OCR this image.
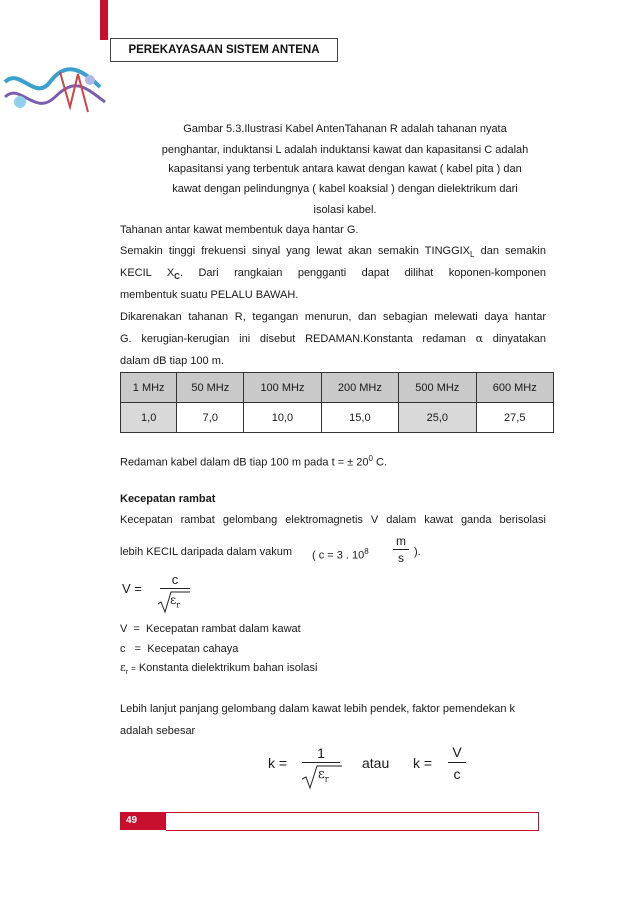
PEREKAYASAAN SISTEM ANTENA
Gambar 5.3.Ilustrasi Kabel AntenTahanan R adalah tahanan nyata
penghantar, induktansi L adalah induktansi kawat dan kapasitansi C adalah
kapasitansi yang terbentuk antara kawat dengan kawat ( kabel pita ) dan
kawat dengan pelindungnya ( kabel koaksial ) dengan dielektrikum dari
isolasi kabel.
Tahanan antar kawat membentuk daya hantar G.
Semakin tinggi frekuensi sinyal yang lewat akan semakin $TINGGIX_L$ dan semakin
KECIL $X_C$. Dari rangkaian pengganti dapat dilihat koponen-komponen
membentuk suatu PELALU BAWAH.
Dikarenakan tahanan R, tegangan menurun, dan sebagian melewati daya hantar
G. kerugian-kerugian ini disebut REDAMAN.Konstanta redaman α dinyatakan
dalam dB tiap 100 m.
1 MHz	50 MHz	100 MHz	200 MHz	500 MHz	600 MHz
1,0	7,0	10,0	15,0	25,0	27,5
Redaman kabel dalam dB tiap 100 m pada t = ± $20^0$ C.
Kecepatan rambat
Kecepatan rambat gelombang elektromagnetis V dalam kawat ganda berisolasi
lebih KECIL daripada dalam vakum	( c = 3 . $10^8 \frac{m}{s}$ ).
V =
c
$\varepsilon_r$
V = Kecepatan rambat dalam kawat
c = Kecepatan cahaya
$\varepsilon_r$ = Konstanta dielektrikum bahan isolasi
Lebih lanjut panjang gelombang dalam kawat lebih pendek, faktor pemendekan k
adalah sebesar
k =
1
$\varepsilon_r$
atau $k = \frac{V}{c}$
49
